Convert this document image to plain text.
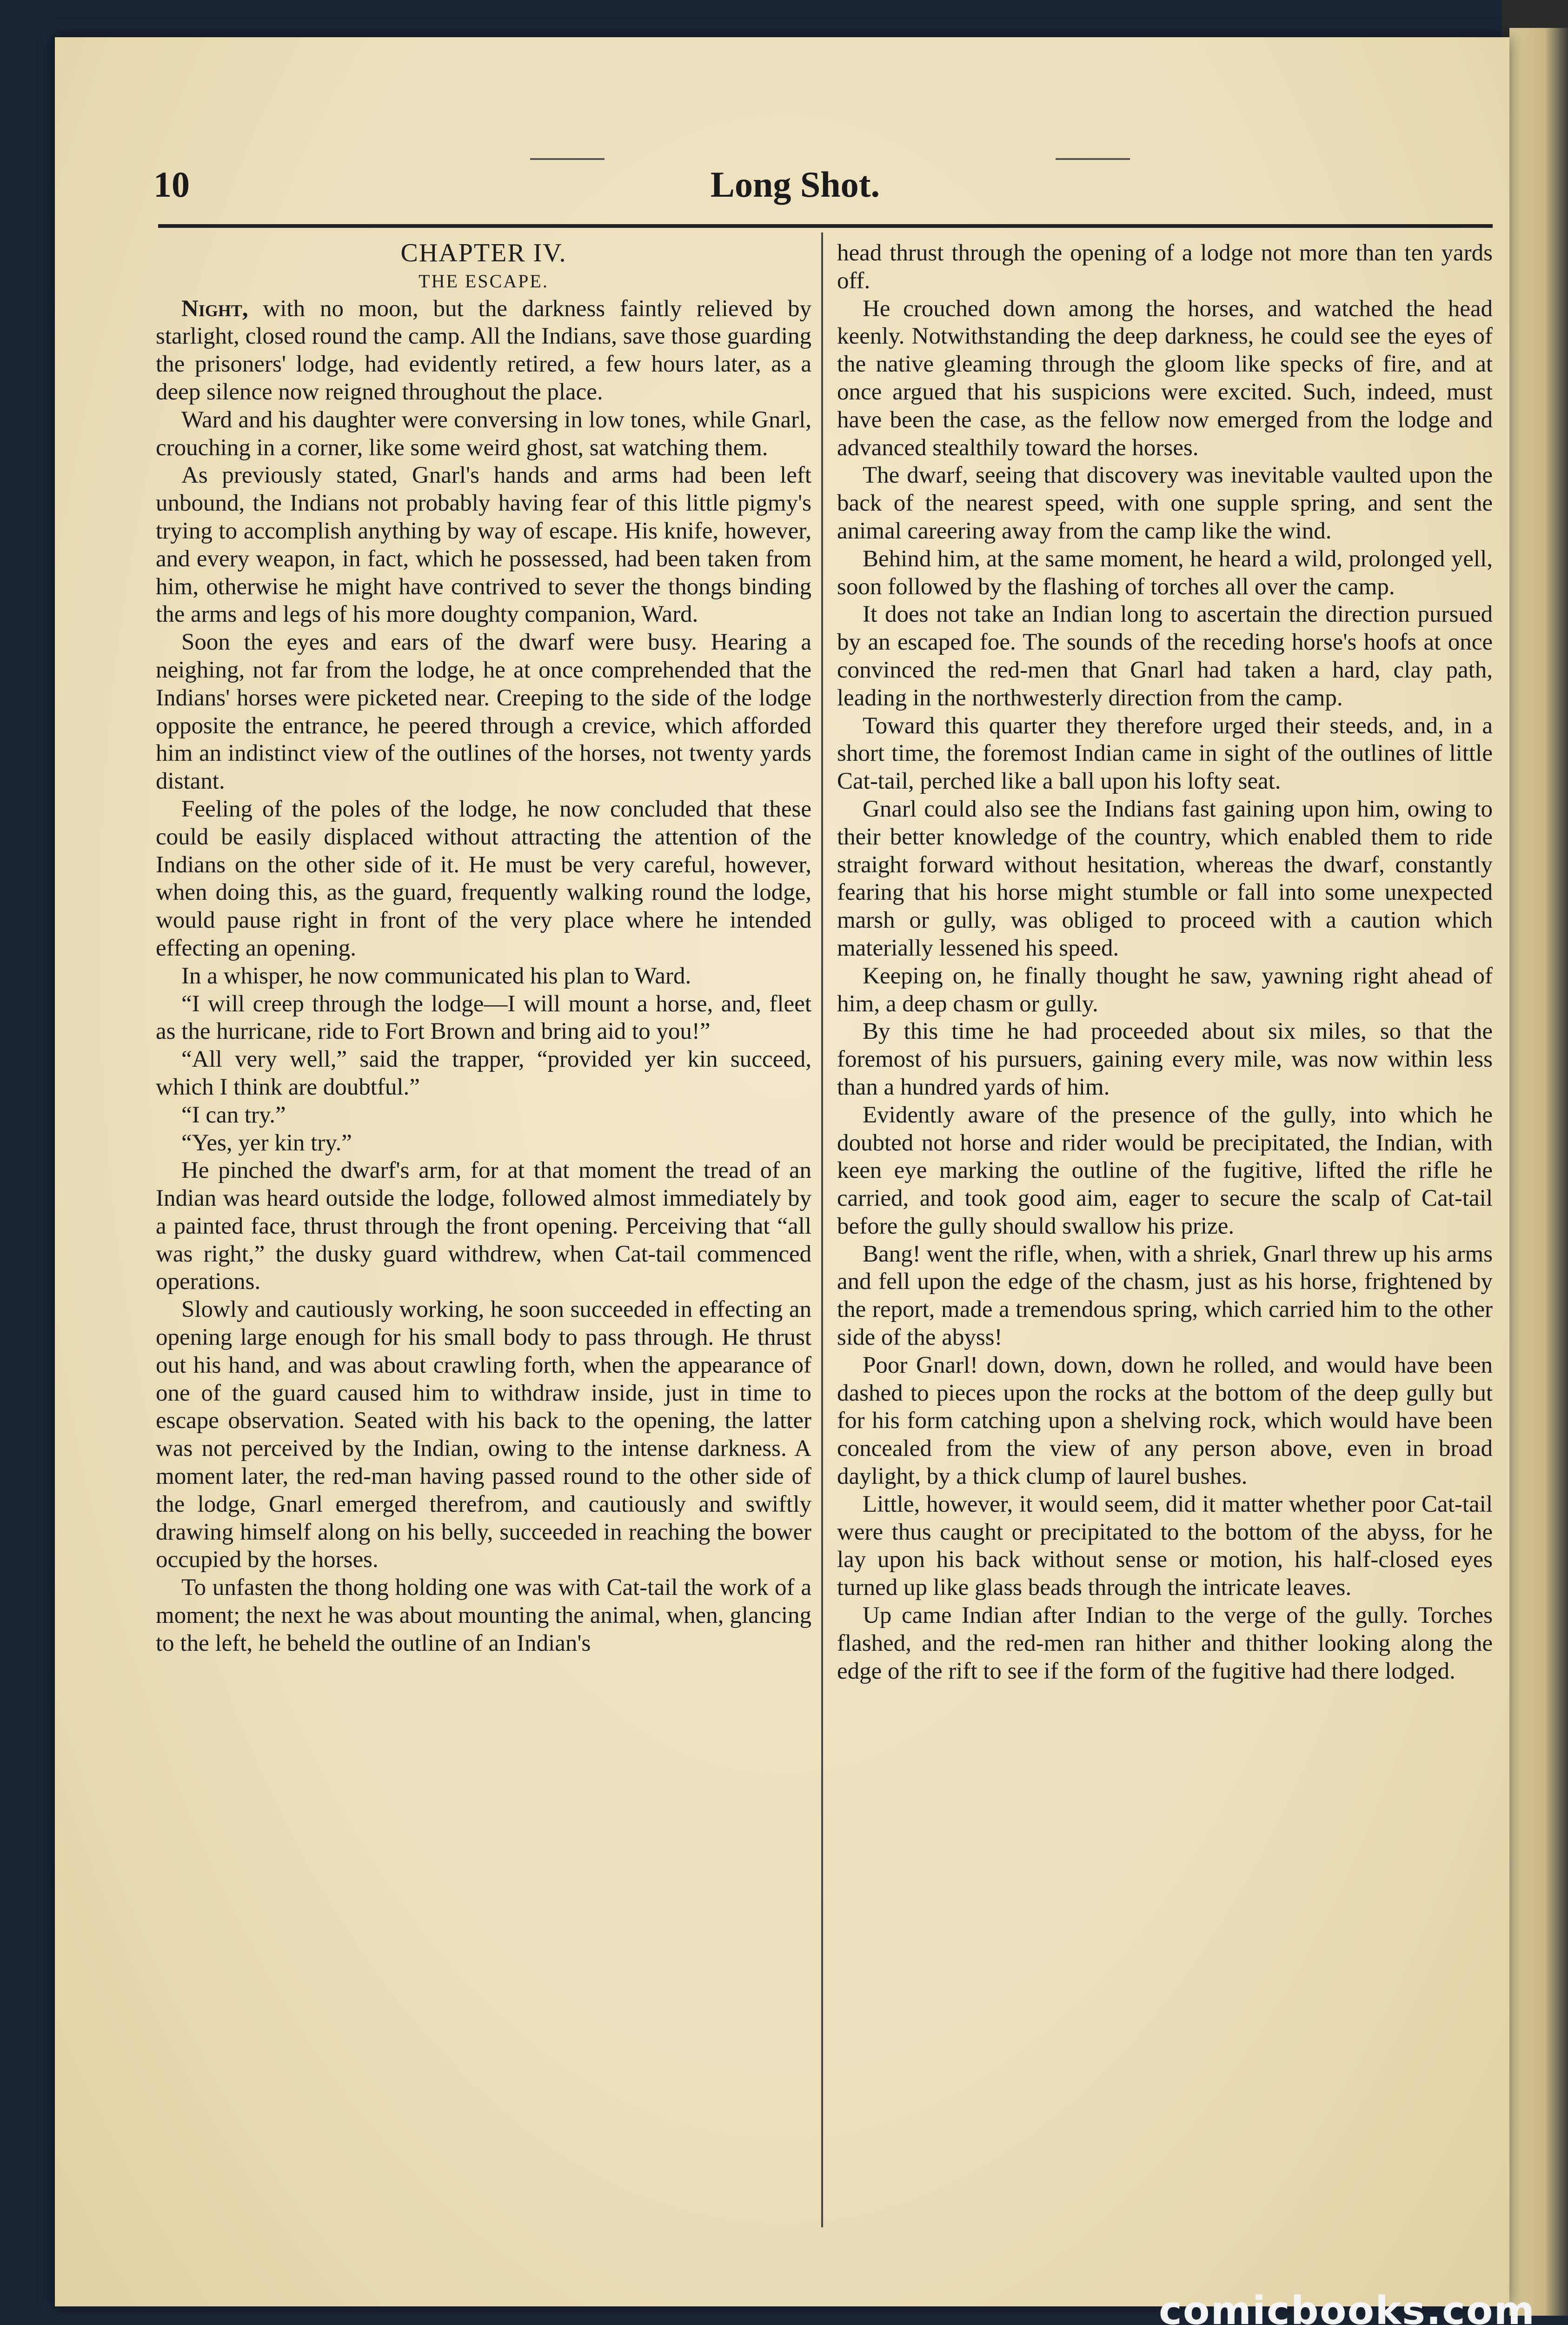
10	Long Shot.

CHAPTER IV.

THE ESCAPE.

Night, with no moon, but the darkness faintly relieved by starlight, closed round the camp. All the Indians, save those guarding the prisoners' lodge, had evidently retired, a few hours later, as a deep silence now reigned throughout the place.

Ward and his daughter were conversing in low tones, while Gnarl, crouching in a corner, like some weird ghost, sat watching them.

As previously stated, Gnarl's hands and arms had been left unbound, the Indians not probably having fear of this little pigmy's trying to accomplish anything by way of escape. His knife, however, and every weapon, in fact, which he possessed, had been taken from him, otherwise he might have contrived to sever the thongs binding the arms and legs of his more doughty companion, Ward.

Soon the eyes and ears of the dwarf were busy. Hearing a neighing, not far from the lodge, he at once comprehended that the Indians' horses were picketed near. Creeping to the side of the lodge opposite the entrance, he peered through a crevice, which afforded him an indistinct view of the outlines of the horses, not twenty yards distant.

Feeling of the poles of the lodge, he now concluded that these could be easily displaced without attracting the attention of the Indians on the other side of it. He must be very careful, however, when doing this, as the guard, frequently walking round the lodge, would pause right in front of the very place where he intended effecting an opening.

In a whisper, he now communicated his plan to Ward.

“I will creep through the lodge—I will mount a horse, and, fleet as the hurricane, ride to Fort Brown and bring aid to you!”

“All very well,” said the trapper, “provided yer kin succeed, which I think are doubtful.”

“I can try.”

“Yes, yer kin try.”

He pinched the dwarf's arm, for at that moment the tread of an Indian was heard outside the lodge, followed almost immediately by a painted face, thrust through the front opening. Perceiving that “all was right,” the dusky guard withdrew, when Cat-tail commenced operations.

Slowly and cautiously working, he soon succeeded in effecting an opening large enough for his small body to pass through. He thrust out his hand, and was about crawling forth, when the appearance of one of the guard caused him to withdraw inside, just in time to escape observation. Seated with his back to the opening, the latter was not perceived by the Indian, owing to the intense darkness. A moment later, the red-man having passed round to the other side of the lodge, Gnarl emerged therefrom, and cautiously and swiftly drawing himself along on his belly, succeeded in reaching the bower occupied by the horses.

To unfasten the thong holding one was with Cat-tail the work of a moment; the next he was about mounting the animal, when, glancing to the left, he beheld the outline of an Indian's

head thrust through the opening of a lodge not more than ten yards off.

He crouched down among the horses, and watched the head keenly. Notwithstanding the deep darkness, he could see the eyes of the native gleaming through the gloom like specks of fire, and at once argued that his suspicions were excited. Such, indeed, must have been the case, as the fellow now emerged from the lodge and advanced stealthily toward the horses.

The dwarf, seeing that discovery was inevitable vaulted upon the back of the nearest speed, with one supple spring, and sent the animal careering away from the camp like the wind.

Behind him, at the same moment, he heard a wild, prolonged yell, soon followed by the flashing of torches all over the camp.

It does not take an Indian long to ascertain the direction pursued by an escaped foe. The sounds of the receding horse's hoofs at once convinced the red-men that Gnarl had taken a hard, clay path, leading in the northwesterly direction from the camp.

Toward this quarter they therefore urged their steeds, and, in a short time, the foremost Indian came in sight of the outlines of little Cat-tail, perched like a ball upon his lofty seat.

Gnarl could also see the Indians fast gaining upon him, owing to their better knowledge of the country, which enabled them to ride straight forward without hesitation, whereas the dwarf, constantly fearing that his horse might stumble or fall into some unexpected marsh or gully, was obliged to proceed with a caution which materially lessened his speed.

Keeping on, he finally thought he saw, yawning right ahead of him, a deep chasm or gully.

By this time he had proceeded about six miles, so that the foremost of his pursuers, gaining every mile, was now within less than a hundred yards of him.

Evidently aware of the presence of the gully, into which he doubted not horse and rider would be precipitated, the Indian, with keen eye marking the outline of the fugitive, lifted the rifle he carried, and took good aim, eager to secure the scalp of Cat-tail before the gully should swallow his prize.

Bang! went the rifle, when, with a shriek, Gnarl threw up his arms and fell upon the edge of the chasm, just as his horse, frightened by the report, made a tremendous spring, which carried him to the other side of the abyss!

Poor Gnarl! down, down, down he rolled, and would have been dashed to pieces upon the rocks at the bottom of the deep gully but for his form catching upon a shelving rock, which would have been concealed from the view of any person above, even in broad daylight, by a thick clump of laurel bushes.

Little, however, it would seem, did it matter whether poor Cat-tail were thus caught or precipitated to the bottom of the abyss, for he lay upon his back without sense or motion, his half-closed eyes turned up like glass beads through the intricate leaves.

Up came Indian after Indian to the verge of the gully. Torches flashed, and the red-men ran hither and thither looking along the edge of the rift to see if the form of the fugitive had there lodged.

comicbooks.com
